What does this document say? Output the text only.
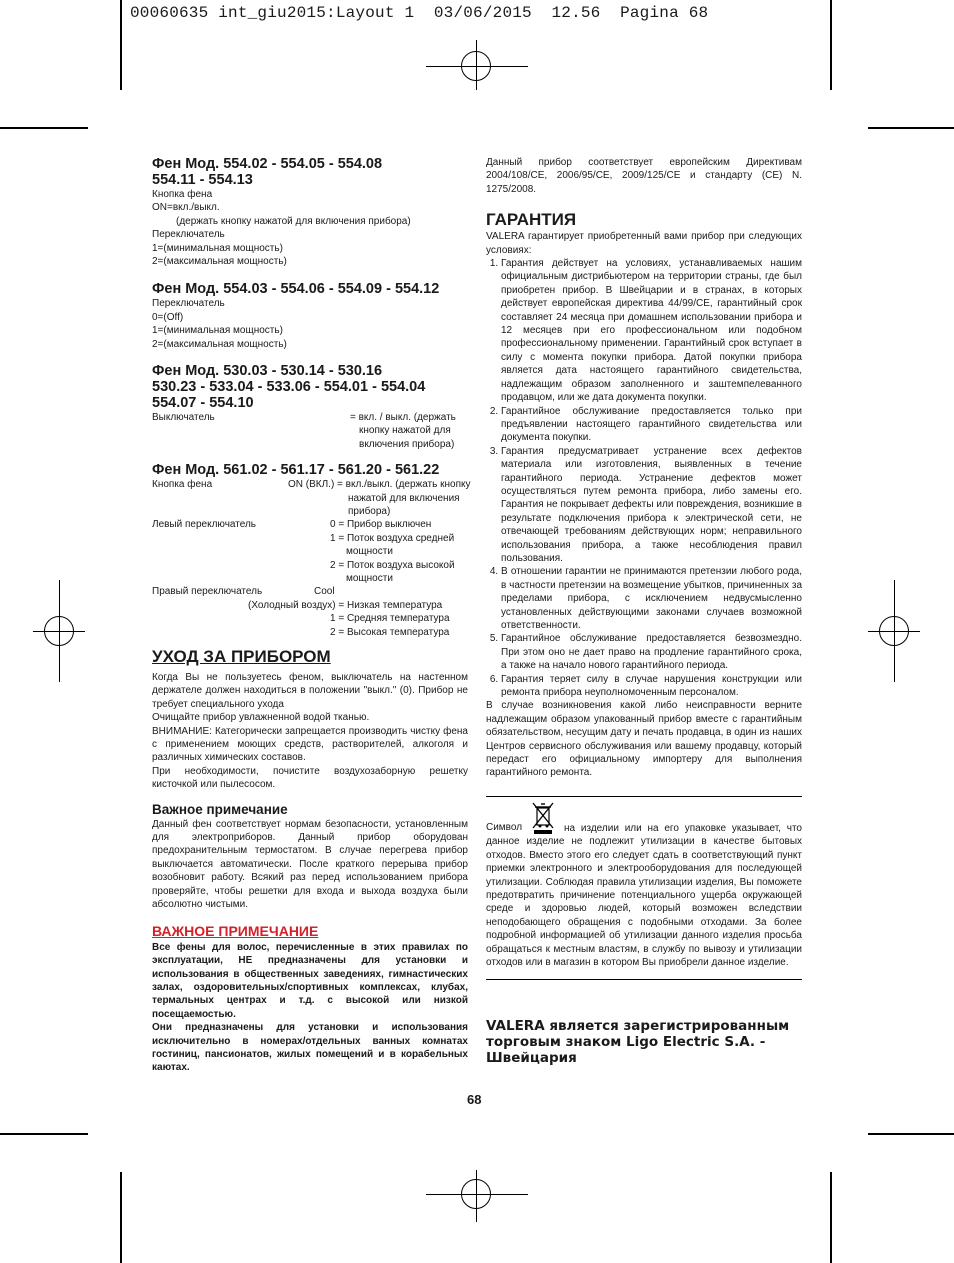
00060635 int_giu2015:Layout 1  03/06/2015  12.56  Pagina 68
Фен Мод. 554.02 - 554.05 - 554.08
554.11 - 554.13

Кнопка фена

ON=вкл./выкл.

(держать кнопку нажатой для включения прибора)

Переключатель

1=(минимальная мощность)

2=(максимальная мощность)

Фен Мод. 554.03 - 554.06 - 554.09 - 554.12

Переключатель

0=(Off)

1=(минимальная мощность)

2=(максимальная мощность)

Фен Мод. 530.03 - 530.14 - 530.16
530.23 - 533.04 - 533.06 - 554.01 - 554.04
554.07 - 554.10
Выключатель	= вкл. / выкл. (держать
кнопку нажатой для
включения прибора)
Фен Мод. 561.02 - 561.17 - 561.20 - 561.22
Кнопка фена	ON (ВКЛ.) = вкл./выкл. (держать кнопку
нажатой для включения
прибора)
Левый переключатель	0 = Прибор выключен
1 = Поток воздуха средней
мощности
2 = Поток воздуха высокой
мощности
Правый переключатель	Cool
(Холодный воздух) = Низкая температура
1 = Средняя температура
2 = Высокая температура
УХОД ЗА ПРИБОРОМ

Когда Вы не пользуетесь феном, выключатель на настенном держателе должен находиться в положении "выкл." (0). Прибор не требует специального ухода

Очищайте прибор увлажненной водой тканью.

ВНИМАНИЕ: Категорически запрещается производить чистку фена с применением моющих средств, растворителей, алкоголя и различных химических составов.

При необходимости, почистите воздухозаборную решетку кисточкой или пылесосом.

Важное примечание

Данный фен соответствует нормам безопасности, установленным для электроприборов. Данный прибор оборудован предохранительным термостатом. В случае перегрева прибор выключается автоматически. После краткого перерыва прибор возобновит работу. Всякий раз перед использованием прибора проверяйте, чтобы решетки для входа и выхода воздуха были абсолютно чистыми.

ВАЖНОЕ ПРИМЕЧАНИЕ

Все фены для волос, перечисленные в этих правилах по эксплуатации, НЕ предназначены для установки и использования в общественных заведениях, гимнастических залах, оздоровительных/спортивных комплексах, клубах, термальных центрах и т.д. с высокой или низкой посещаемостью.

Они предназначены для установки и использования исключительно в номерах/отдельных ванных комнатах гостиниц, пансионатов, жилых помещений и в корабельных каютах.

Данный прибор соответствует европейским Директивам 2004/108/CE, 2006/95/CE, 2009/125/CE и стандарту (CE) N. 1275/2008.

ГАРАНТИЯ

VALERA гарантирует приобретенный вами прибор при следующих условиях:

1. Гарантия действует на условиях, устанавливаемых нашим официальным дистрибьютером на территории страны, где был приобретен прибор. В Швейцарии и в странах, в которых действует европейская директива 44/99/CE, гарантийный срок составляет 24 месяца при домашнем использовании прибора и 12 месяцев при его профессиональном или подобном профессиональному применении. Гарантийный срок вступает в силу с момента покупки прибора. Датой покупки прибора является дата настоящего гарантийного свидетельства, надлежащим образом заполненного и заштемпелеванного продавцом, или же дата документа покупки.
2. Гарантийное обслуживание предоставляется только при предъявлении настоящего гарантийного свидетельства или документа покупки.
3. Гарантия предусматривает устранение всех дефектов материала или изготовления, выявленных в течение гарантийного периода. Устранение дефектов может осуществляться путем ремонта прибора, либо замены его. Гарантия не покрывает дефекты или повреждения, возникшие в результате подключения прибора к электрической сети, не отвечающей требованиям действующих норм; неправильного использования прибора, а также несоблюдения правил пользования.
4. В отношении гарантии не принимаются претензии любого рода, в частности претензии на возмещение убытков, причиненных за пределами прибора, с исключением недвусмысленно установленных действующими законами случаев возможной ответственности.
5. Гарантийное обслуживание предоставляется безвозмездно. При этом оно не дает право на продление гарантийного срока, а также на начало нового гарантийного периода.
6. Гарантия теряет силу в случае нарушения конструкции или ремонта прибора неуполномоченным персоналом.

В случае возникновения какой либо неисправности верните надлежащим образом упакованный прибор вместе с гарантийным обязательством, несущим дату и печать продавца, в один из наших Центров сервисного обслуживания или вашему продавцу, который передаст его официальному импортеру для выполнения гарантийного ремонта.

Символ	на изделии или на его упаковке указывает, что данное изделие не подлежит утилизации в качестве бытовых отходов. Вместо этого его следует сдать в соответствующий пункт приемки электронного и электрооборудования для последующей утилизации. Соблюдая правила утилизации изделия, Вы поможете предотвратить причинение потенциального ущерба окружающей среде и здоровью людей, который возможен вследствии неподобающего обращения с подобными отходами. За более подробной информацией об утилизации данного изделия просьба обращаться к местным властям, в службу по вывозу и утилизации отходов или в магазин в котором Вы приобрели данное изделие.

VALERA является зарегистрированным
торговым знаком Ligo Electric S.A. - Швейцария
68
